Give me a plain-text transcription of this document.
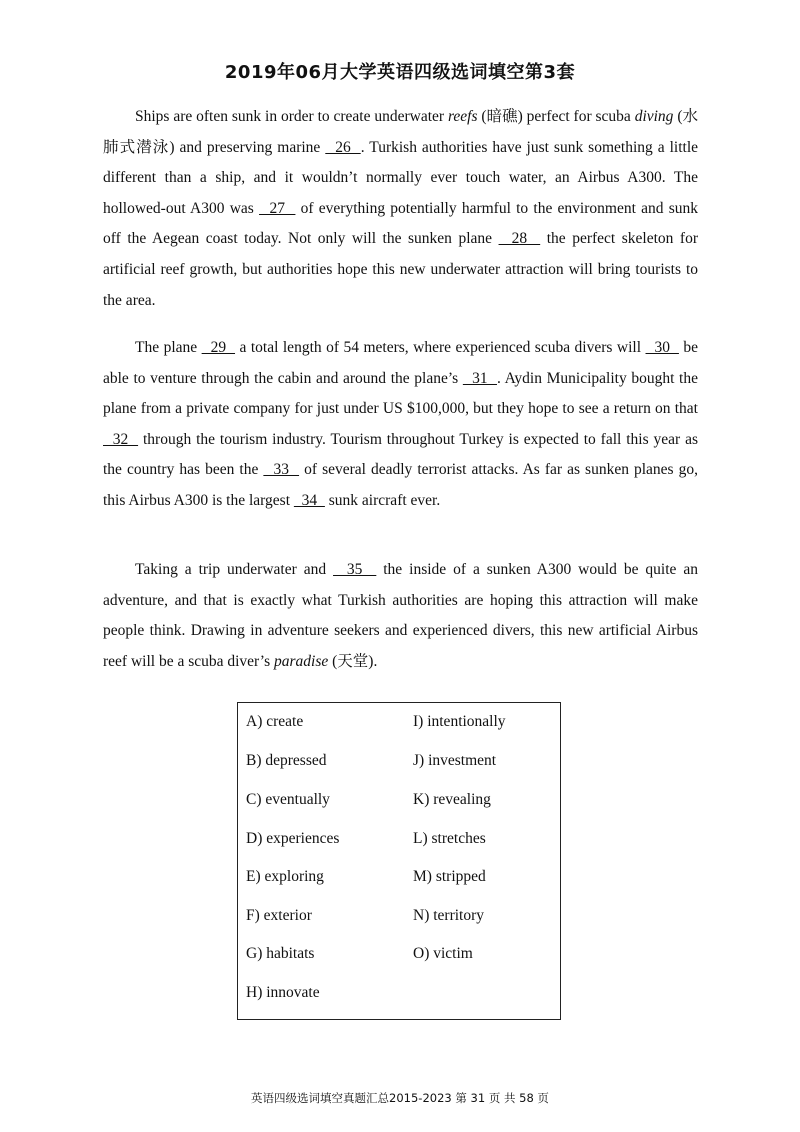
2019年06月大学英语四级选词填空第3套

Ships are often sunk in order to create underwater reefs (暗礁) perfect for scuba diving (水肺式潜泳) and preserving marine   26  . Turkish authorities have just sunk something a little different than a ship, and it wouldn’t normally ever touch water, an Airbus A300. The hollowed-out A300 was   27   of everything potentially harmful to the environment and sunk off the Aegean coast today. Not only will the sunken plane   28   the perfect skeleton for artificial reef growth, but authorities hope this new underwater attraction will bring tourists to the area.

The plane   29   a total length of 54 meters, where experienced scuba divers will   30   be able to venture through the cabin and around the plane’s   31  . Aydin Municipality bought the plane from a private company for just under US $100,000, but they hope to see a return on that   32   through the tourism industry. Tourism throughout Turkey is expected to fall this year as the country has been the   33   of several deadly terrorist attacks. As far as sunken planes go, this Airbus A300 is the largest   34   sunk aircraft ever.

Taking a trip underwater and   35   the inside of a sunken A300 would be quite an adventure, and that is exactly what Turkish authorities are hoping this attraction will make people think. Drawing in adventure seekers and experienced divers, this new artificial Airbus reef will be a scuba diver’s paradise (天堂).

A) create
B) depressed
C) eventually
D) experiences
E) exploring
F) exterior
G) habitats
H) innovate
I) intentionally
J) investment
K) revealing
L) stretches
M) stripped
N) territory
O) victim
英语四级选词填空真题汇总2015-2023 第 31 页 共 58 页
